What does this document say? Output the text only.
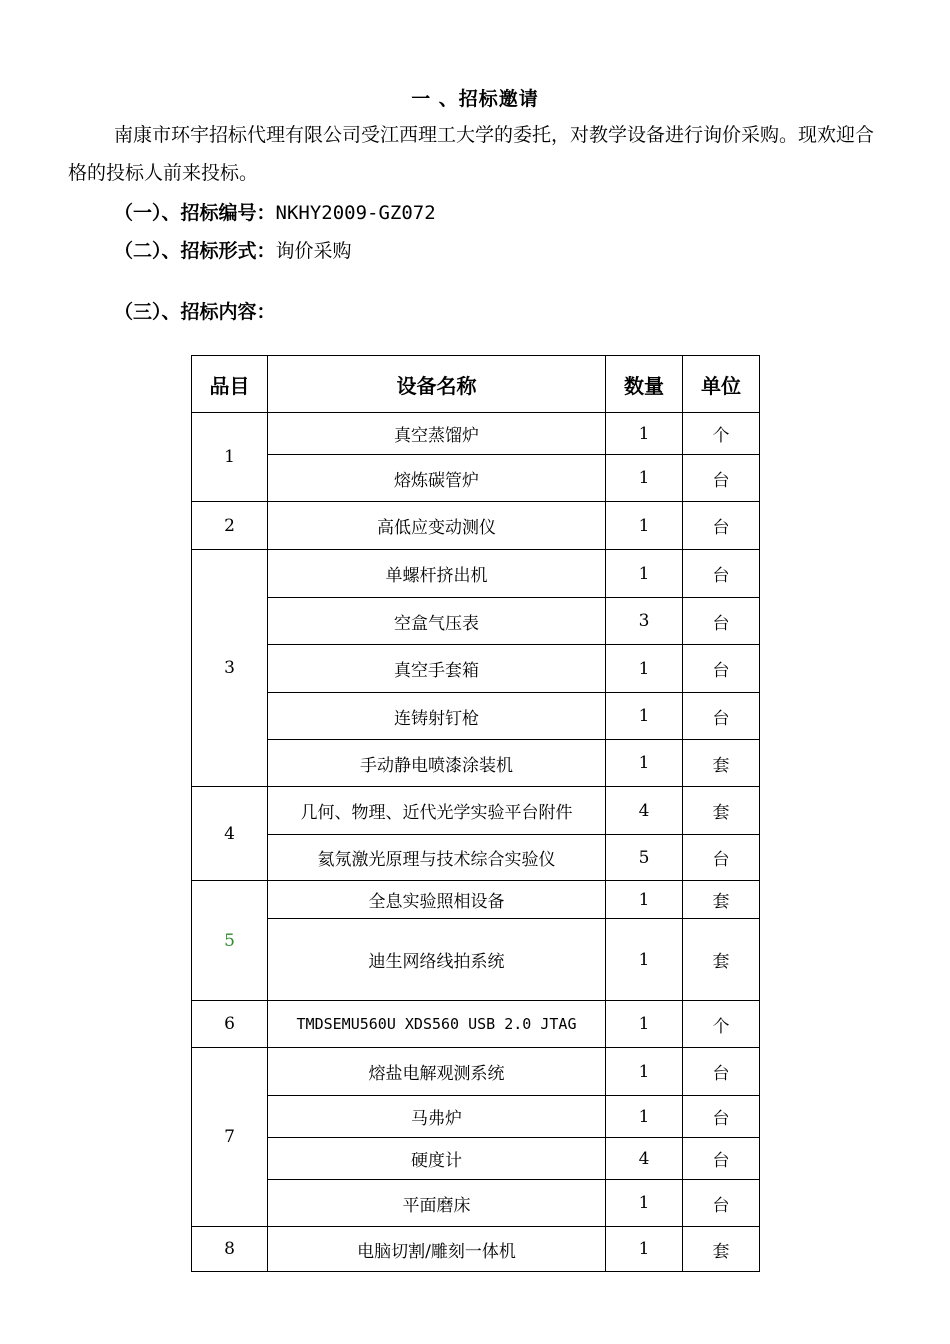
一 、招标邀请
南康市环宇招标代理有限公司受江西理工大学的委托，对教学设备进行询价采购。现欢迎合格的投标人前来投标。
（一）、招标编号：NKHY2009-GZ072
（二）、招标形式：询价采购
（三）、招标内容：
品目	设备名称	数量	单位
1	真空蒸馏炉	1	个
	熔炼碳管炉	1	台
2	高低应变动测仪	1	台
3	单螺杆挤出机	1	台
	空盒气压表	3	台
	真空手套箱	1	台
	连铸射钉枪	1	台
	手动静电喷漆涂装机	1	套
4	几何、物理、近代光学实验平台附件	4	套
	氦氖激光原理与技术综合实验仪	5	台
5	全息实验照相设备	1	套
	迪生网络线拍系统	1	套
6	TMDSEMU560U XDS560 USB 2.0 JTAG	1	个
7	熔盐电解观测系统	1	台
	马弗炉	1	台
	硬度计	4	台
	平面磨床	1	台
8	电脑切割/雕刻一体机	1	套
